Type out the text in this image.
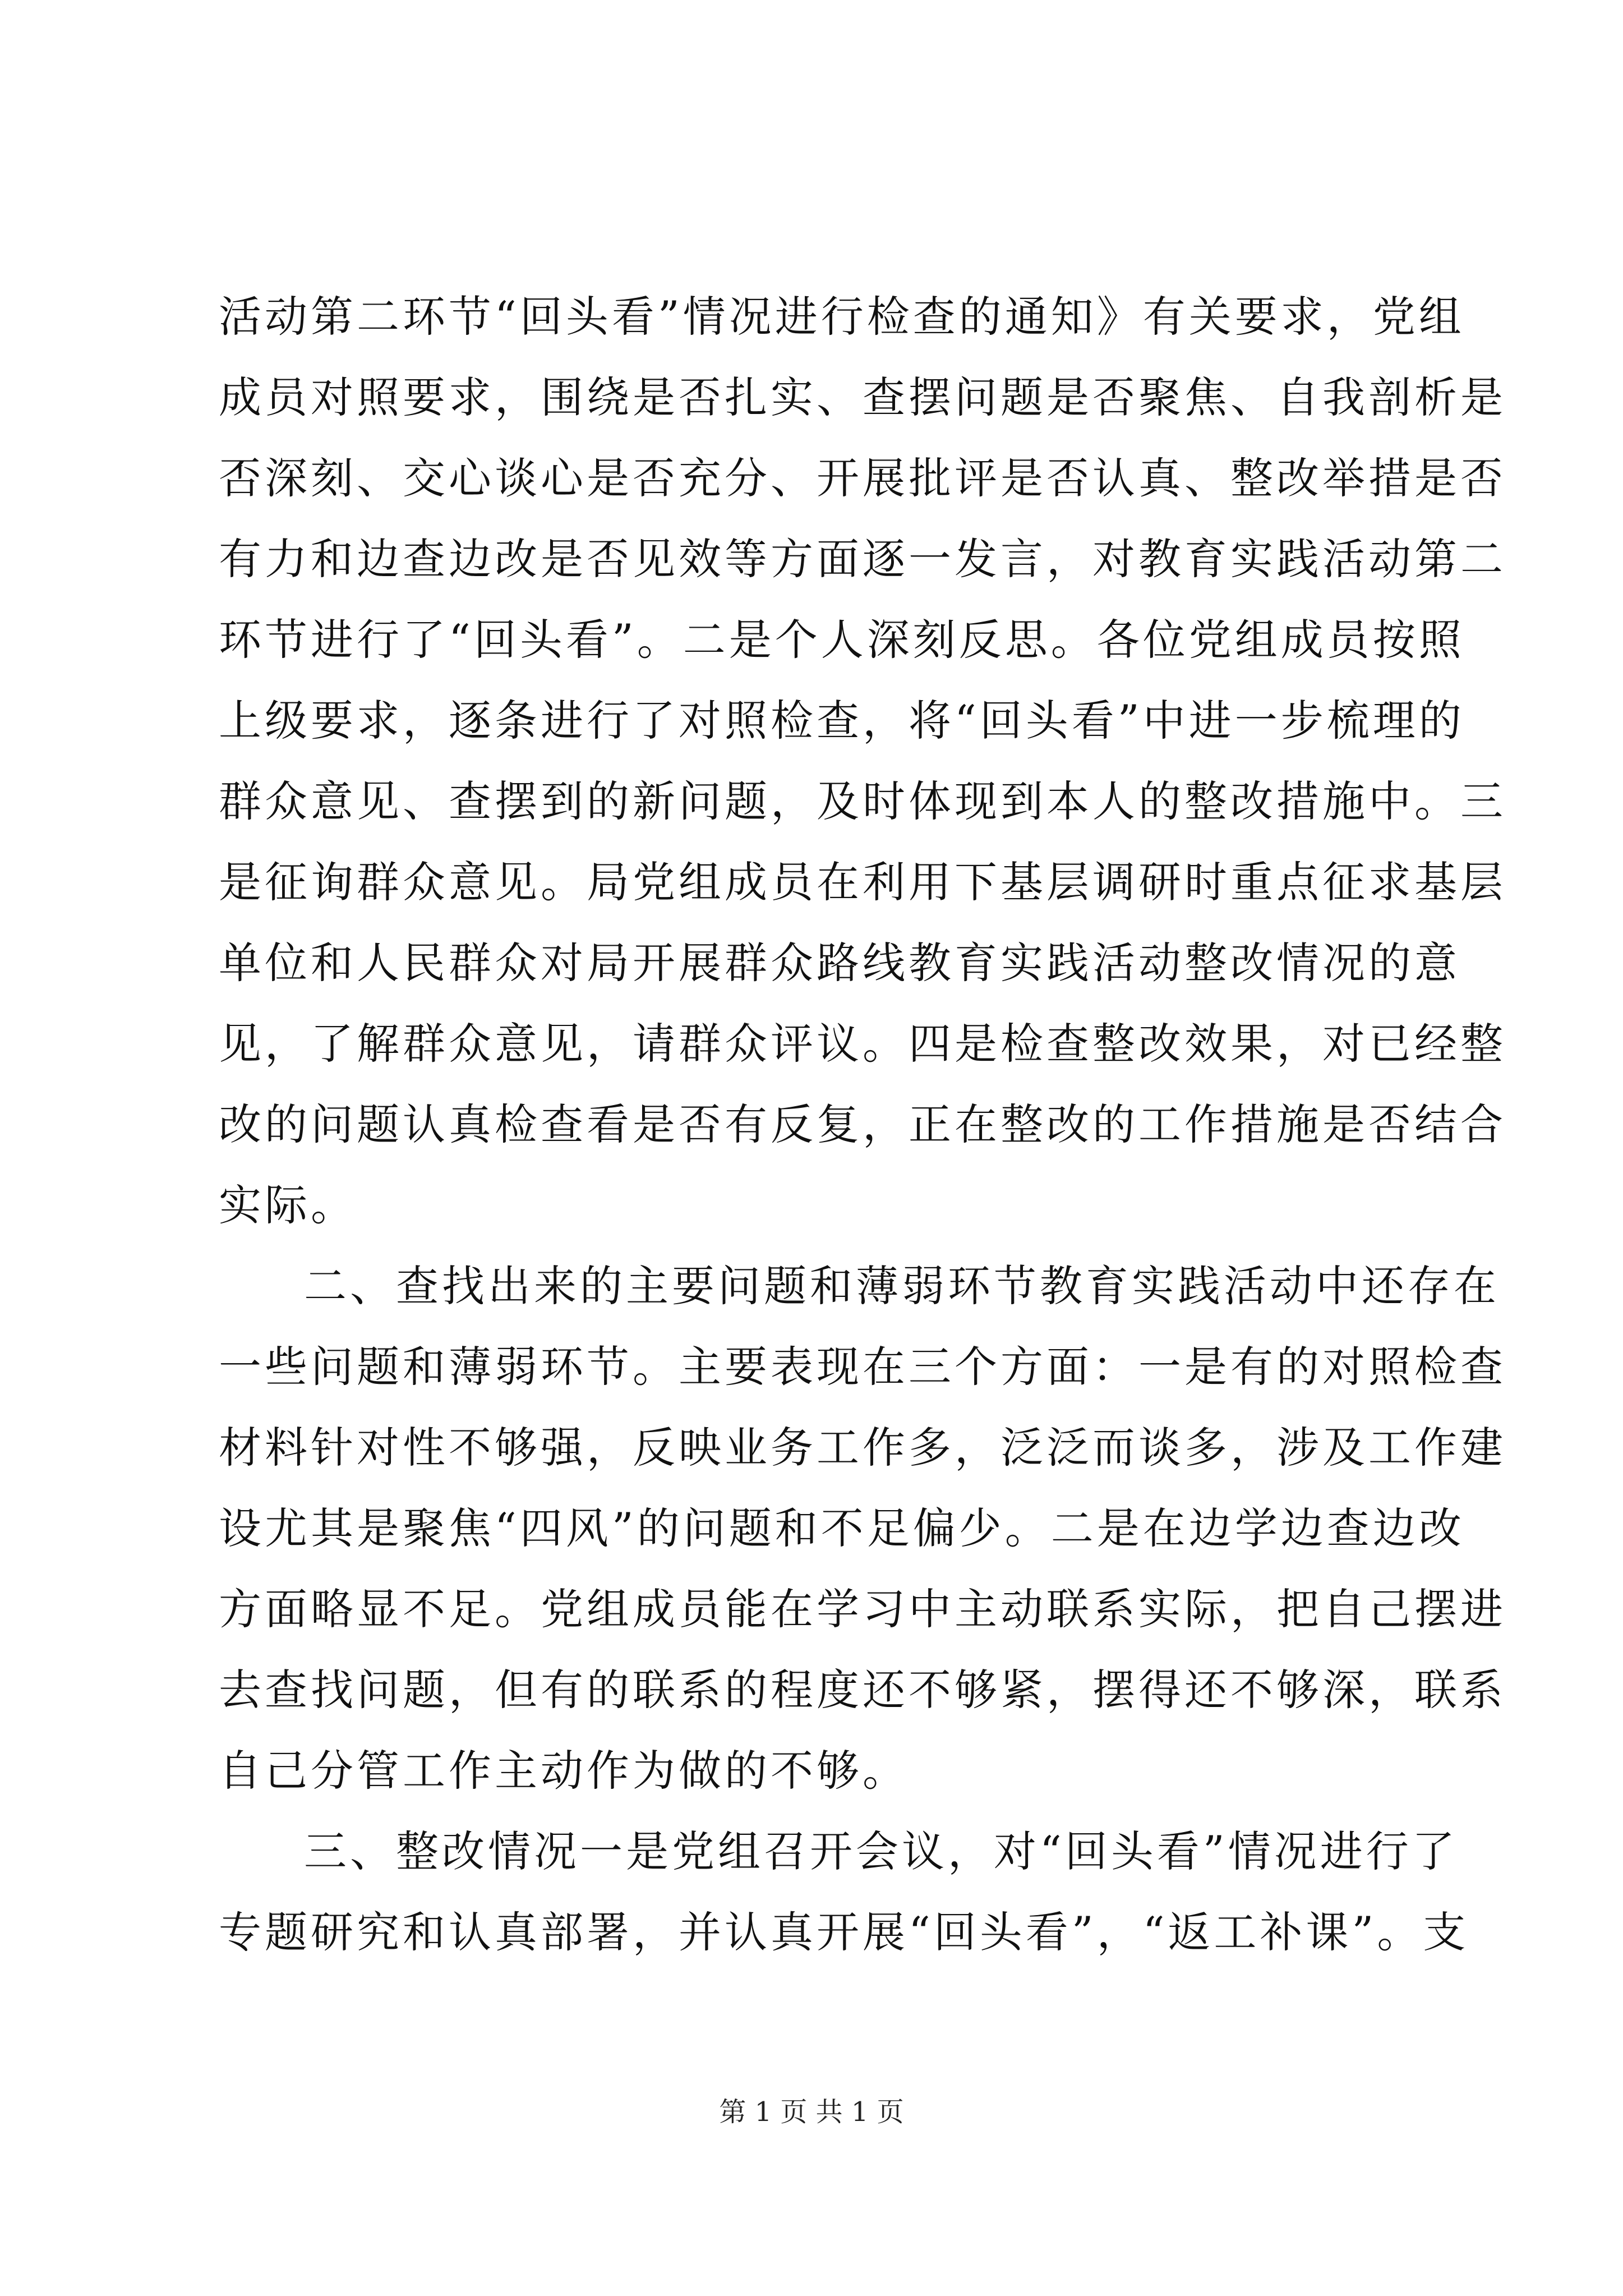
活动第二环节“回头看”情况进行检查的通知》有关要求，党组
成员对照要求，围绕是否扎实、查摆问题是否聚焦、自我剖析是
否深刻、交心谈心是否充分、开展批评是否认真、整改举措是否
有力和边查边改是否见效等方面逐一发言，对教育实践活动第二
环节进行了“回头看”。二是个人深刻反思。各位党组成员按照
上级要求，逐条进行了对照检查，将“回头看”中进一步梳理的
群众意见、查摆到的新问题，及时体现到本人的整改措施中。三
是征询群众意见。局党组成员在利用下基层调研时重点征求基层
单位和人民群众对局开展群众路线教育实践活动整改情况的意
见，了解群众意见，请群众评议。四是检查整改效果，对已经整
改的问题认真检查看是否有反复，正在整改的工作措施是否结合
实际。
二、查找出来的主要问题和薄弱环节教育实践活动中还存在
一些问题和薄弱环节。主要表现在三个方面：一是有的对照检查
材料针对性不够强，反映业务工作多，泛泛而谈多，涉及工作建
设尤其是聚焦“四风”的问题和不足偏少。二是在边学边查边改
方面略显不足。党组成员能在学习中主动联系实际，把自己摆进
去查找问题，但有的联系的程度还不够紧，摆得还不够深，联系
自己分管工作主动作为做的不够。
三、整改情况一是党组召开会议，对“回头看”情况进行了
专题研究和认真部署，并认真开展“回头看”，“返工补课”。支
第 1 页 共 1 页
